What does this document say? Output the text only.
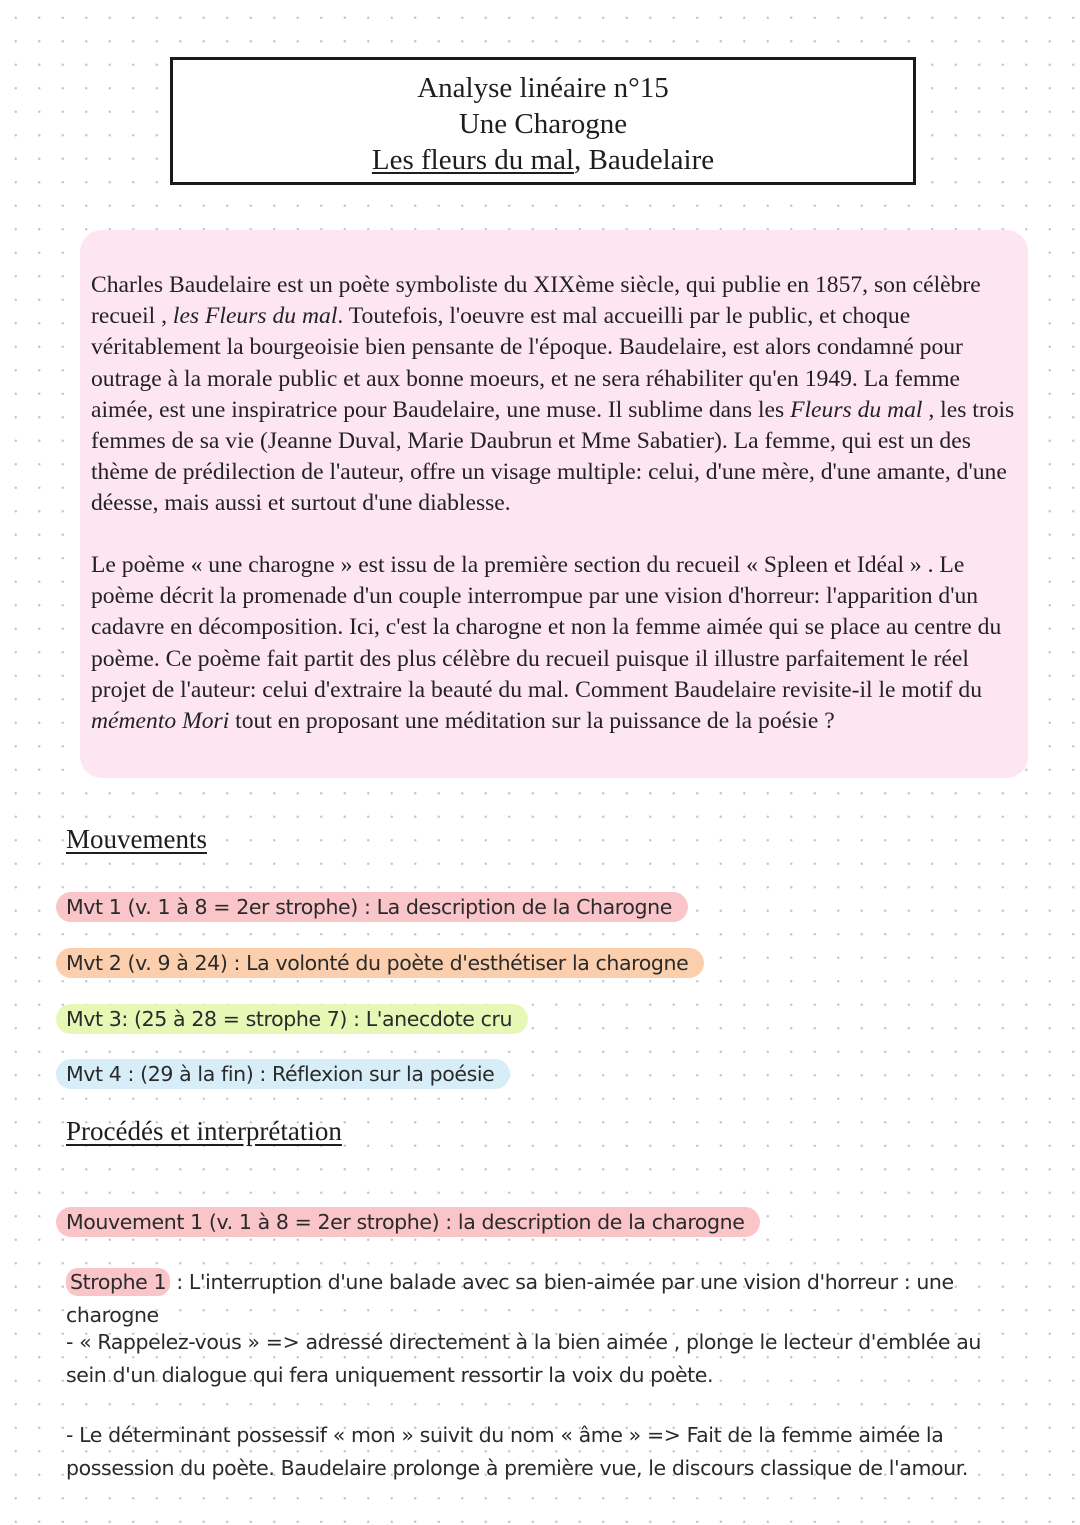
Analyse linéaire n°15
Une Charogne
Les fleurs du mal, Baudelaire
Charles Baudelaire est un poète symboliste du XIXème siècle, qui publie en 1857, son célèbre recueil , les Fleurs du mal. Toutefois, l'oeuvre est mal accueilli par le public, et choque véritablement la bourgeoisie bien pensante de l'époque. Baudelaire, est alors condamné pour outrage à la morale public et aux bonne moeurs, et ne sera réhabiliter qu'en 1949. La femme aimée, est une inspiratrice pour Baudelaire, une muse. Il sublime dans les Fleurs du mal , les trois femmes de sa vie (Jeanne Duval, Marie Daubrun et Mme Sabatier). La femme, qui est un des thème de prédilection de l'auteur, offre un visage multiple: celui, d'une mère, d'une amante, d'une déesse, mais aussi et surtout d'une diablesse.
Le poème « une charogne » est issu de la première section du recueil « Spleen et Idéal » . Le poème décrit la promenade d'un couple interrompue par une vision d'horreur: l'apparition d'un cadavre en décomposition. Ici, c'est la charogne et non la femme aimée qui se place au centre du poème. Ce poème fait partit des plus célèbre du recueil puisque il illustre parfaitement le réel projet de l'auteur: celui d'extraire la beauté du mal. Comment Baudelaire revisite-il le motif du mémento Mori tout en proposant une méditation sur la puissance de la poésie ?
Mouvements
Mvt 1 (v. 1 à 8 = 2er strophe) : La description de la Charogne
Mvt 2 (v. 9 à 24) : La volonté du poète d'esthétiser la charogne
Mvt 3: (25 à 28 = strophe 7) : L'anecdote cru
Mvt 4 : (29 à la fin) : Réflexion sur la poésie
Procédés et interprétation
Mouvement 1 (v. 1 à 8 = 2er strophe) : la description de la charogne
Strophe 1 : L'interruption d'une balade avec sa bien-aimée par une vision d'horreur : une charogne
- « Rappelez-vous » => adressé directement à la bien aimée , plonge le lecteur d'emblée au sein d'un dialogue qui fera uniquement ressortir la voix du poète.
- Le déterminant possessif « mon » suivit du nom « âme » => Fait de la femme aimée la possession du poète. Baudelaire prolonge à première vue, le discours classique de l'amour.
